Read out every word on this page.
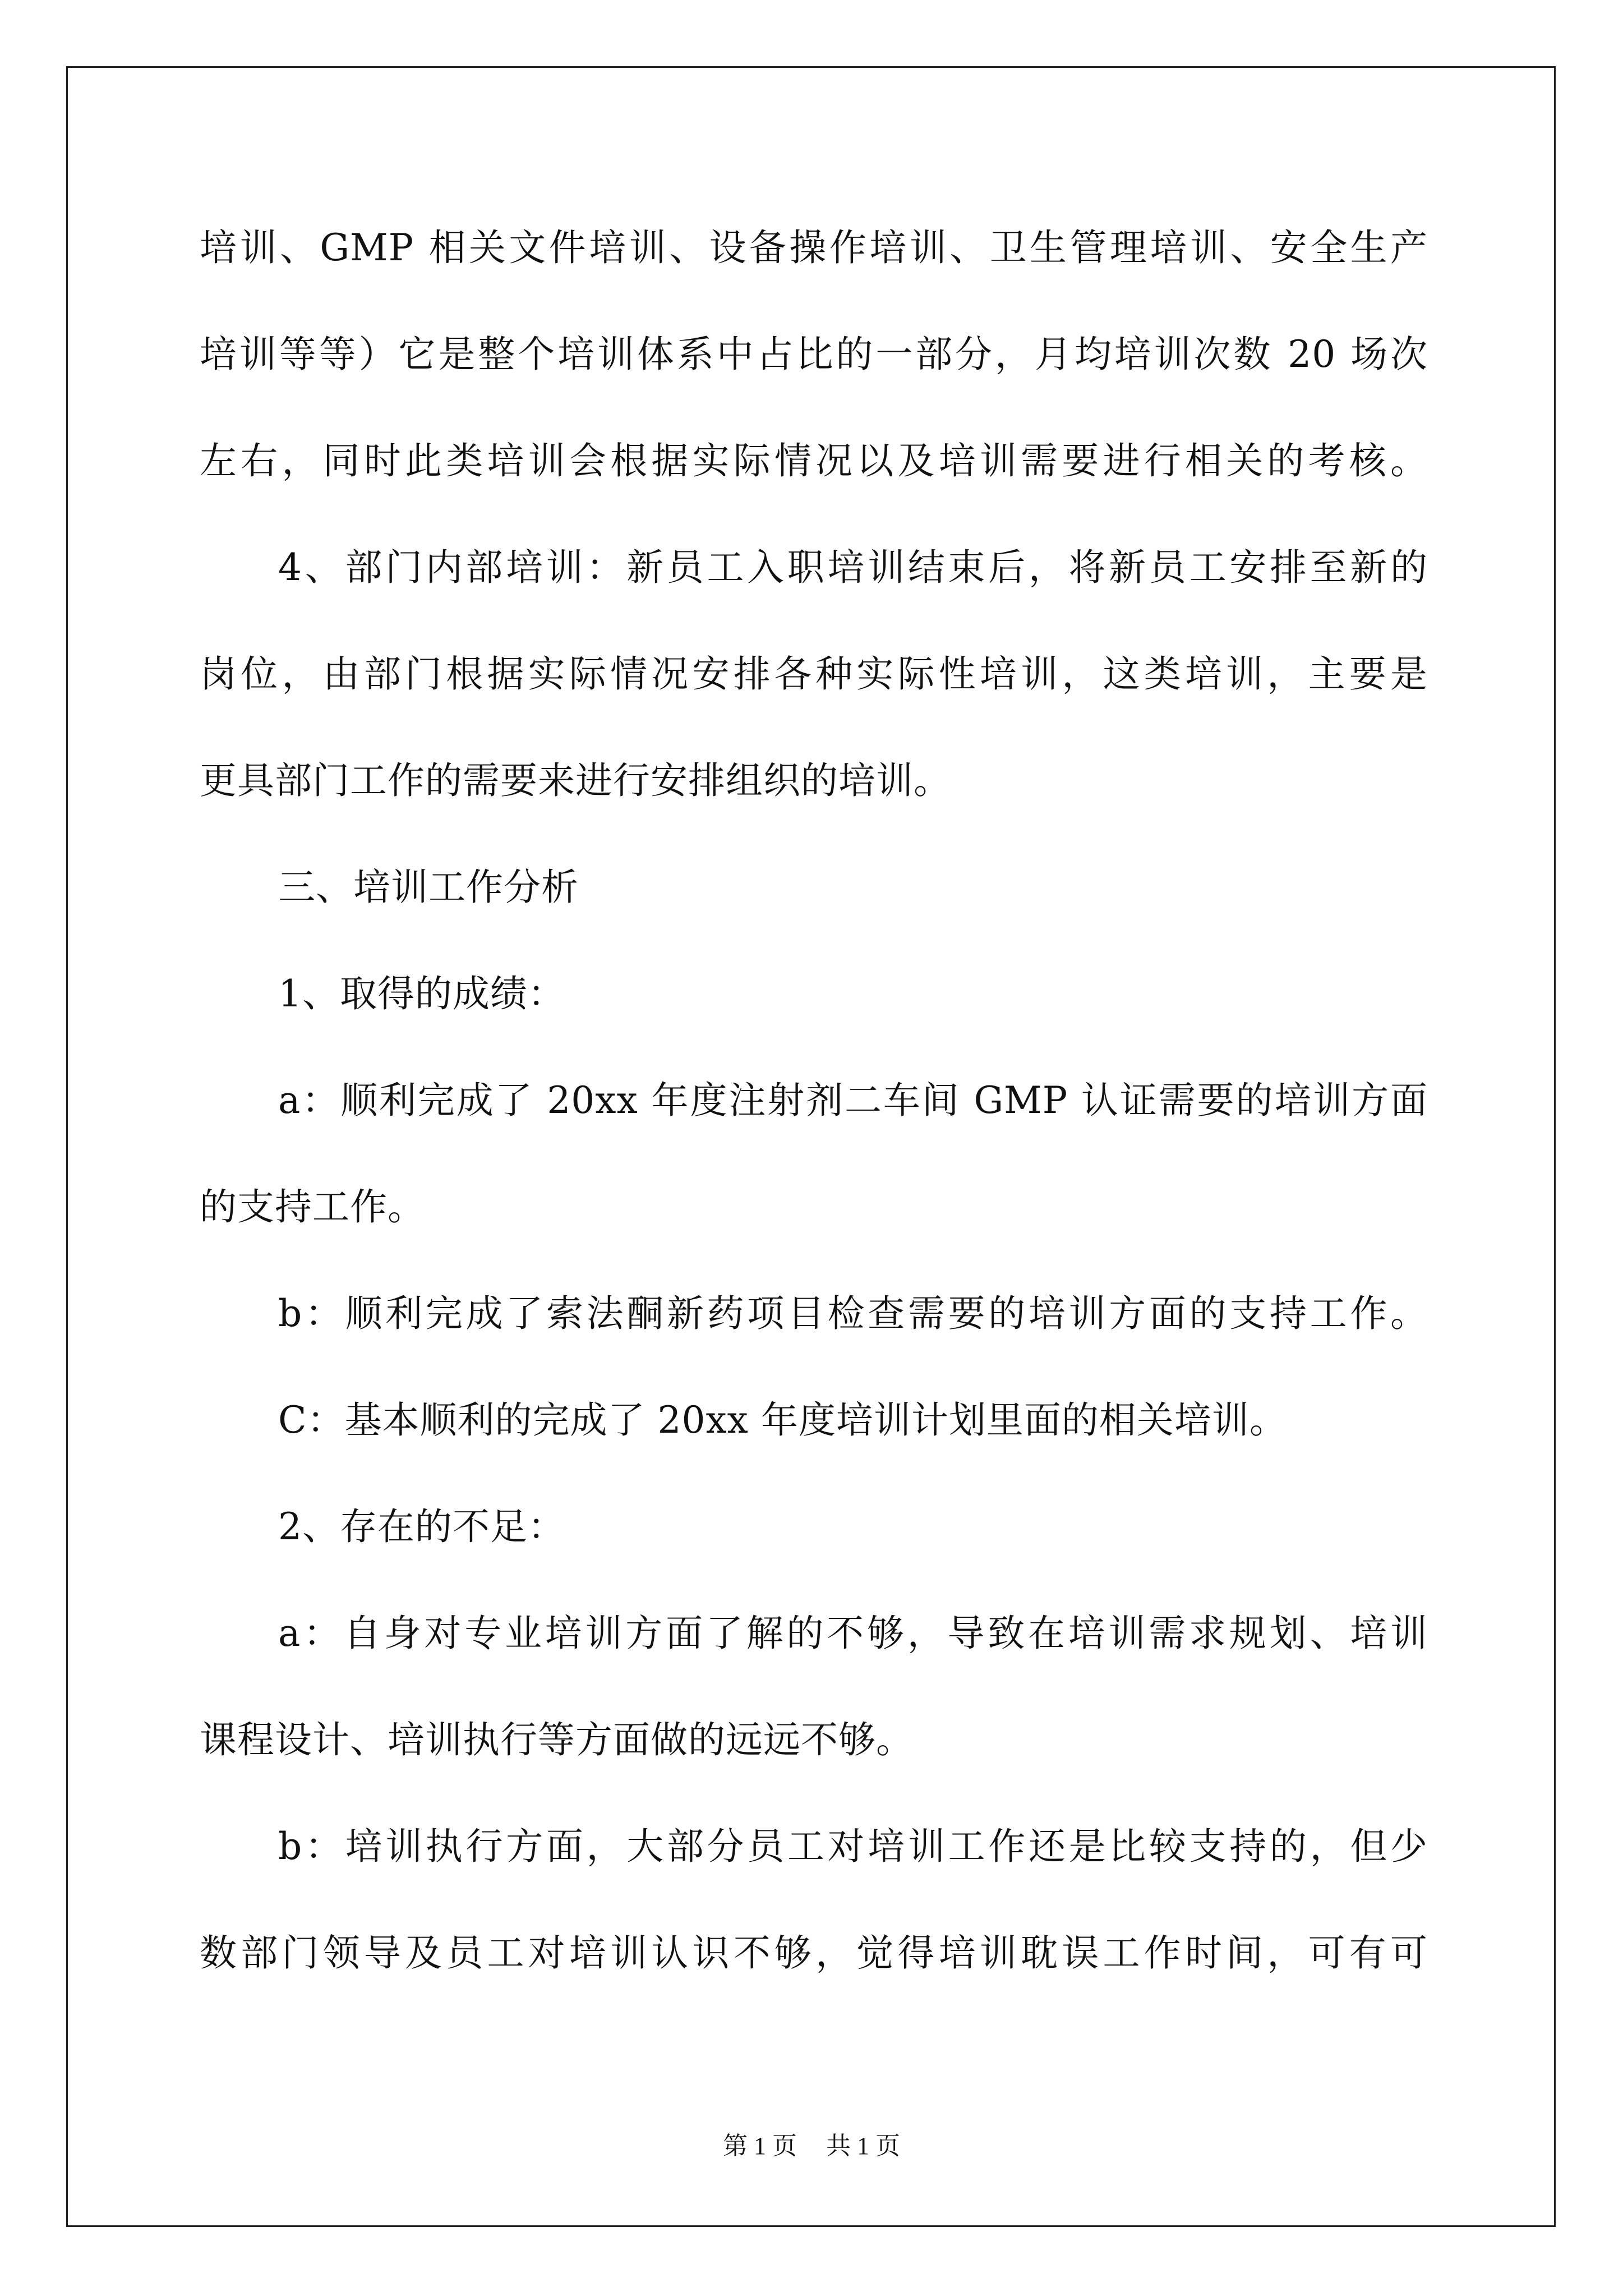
培训、GMP 相关文件培训、设备操作培训、卫生管理培训、安全生产
培训等等）它是整个培训体系中占比的一部分，月均培训次数 20 场次
左右，同时此类培训会根据实际情况以及培训需要进行相关的考核。
4、部门内部培训：新员工入职培训结束后，将新员工安排至新的
岗位，由部门根据实际情况安排各种实际性培训，这类培训，主要是
更具部门工作的需要来进行安排组织的培训。
三、培训工作分析
1、取得的成绩：
a：顺利完成了 20xx 年度注射剂二车间 GMP 认证需要的培训方面
的支持工作。
b：顺利完成了索法酮新药项目检查需要的培训方面的支持工作。
C：基本顺利的完成了 20xx 年度培训计划里面的相关培训。
2、存在的不足：
a：自身对专业培训方面了解的不够，导致在培训需求规划、培训
课程设计、培训执行等方面做的远远不够。
b：培训执行方面，大部分员工对培训工作还是比较支持的，但少
数部门领导及员工对培训认识不够，觉得培训耽误工作时间，可有可
第 1 页 共 1 页
